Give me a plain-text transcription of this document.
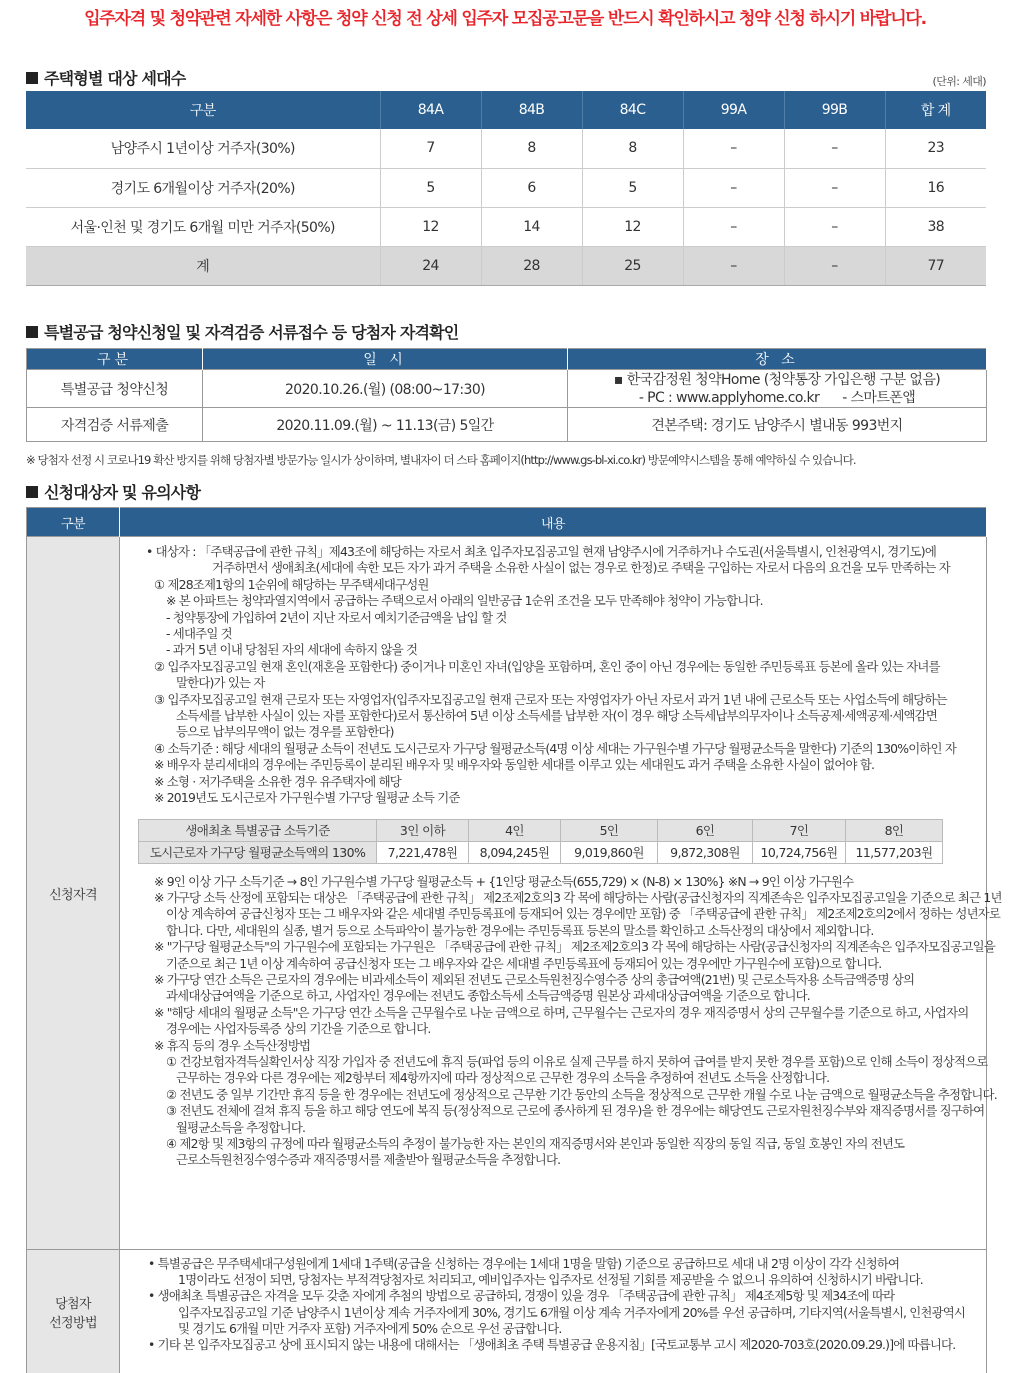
입주자격 및 청약관련 자세한 사항은 청약 신청 전 상세 입주자 모집공고문을 반드시 확인하시고 청약 신청 하시기 바랍니다.
주택형별 대상 세대수	(단위: 세대)
구분	84A	84B	84C	99A	99B	합 계
남양주시 1년이상 거주자(30%)	7	8	8	–	–	23
경기도 6개월이상 거주자(20%)	5	6	5	–	–	16
서울·인천 및 경기도 6개월 미만 거주자(50%)	12	14	12	–	–	38
계	24	28	25	–	–	77
특별공급 청약신청일 및 자격검증 서류접수 등 당첨자 자격확인
구분	일 시	장 소
특별공급 청약신청	2020.10.26.(월) (08:00~17:30)	▪ 한국감정원 청약Home (청약통장 가입은행 구분 없음)
- PC : www.applyhome.co.kr      - 스마트폰앱

자격검증 서류제출	2020.11.09.(월) ~ 11.13(금) 5일간	견본주택: 경기도 남양주시 별내동 993번지
※ 당첨자 선정 시 코로나19 확산 방지를 위해 당첨자별 방문가능 일시가 상이하며, 별내자이 더 스타 홈페이지(http://www.gs-bl-xi.co.kr) 방문예약시스템을 통해 예약하실 수 있습니다.
신청대상자 및 유의사항
구분	내용
신청자격	
• 대상자 : 「주택공급에 관한 규칙」제43조에 해당하는 자로서 최초 입주자모집공고일 현재 남양주시에 거주하거나 수도권(서울특별시, 인천광역시, 경기도)에
거주하면서 생애최초(세대에 속한 모든 자가 과거 주택을 소유한 사실이 없는 경우로 한정)로 주택을 구입하는 자로서 다음의 요건을 모두 만족하는 자
① 제28조제1항의 1순위에 해당하는 무주택세대구성원
※ 본 아파트는 청약과열지역에서 공급하는 주택으로서 아래의 일반공급 1순위 조건을 모두 만족해야 청약이 가능합니다.
- 청약통장에 가입하여 2년이 지난 자로서 예치기준금액을 납입 할 것
- 세대주일 것
- 과거 5년 이내 당첨된 자의 세대에 속하지 않을 것
② 입주자모집공고일 현재 혼인(재혼을 포함한다) 중이거나 미혼인 자녀(입양을 포함하며, 혼인 중이 아닌 경우에는 동일한 주민등록표 등본에 올라 있는 자녀를
말한다)가 있는 자
③ 입주자모집공고일 현재 근로자 또는 자영업자(입주자모집공고일 현재 근로자 또는 자영업자가 아닌 자로서 과거 1년 내에 근로소득 또는 사업소득에 해당하는
소득세를 납부한 사실이 있는 자를 포함한다)로서 통산하여 5년 이상 소득세를 납부한 자(이 경우 해당 소득세납부의무자이나 소득공제·세액공제·세액감면
등으로 납부의무액이 없는 경우를 포함한다)
④ 소득기준 : 해당 세대의 월평균 소득이 전년도 도시근로자 가구당 월평균소득(4명 이상 세대는 가구원수별 가구당 월평균소득을 말한다) 기준의 130%이하인 자
※ 배우자 분리세대의 경우에는 주민등록이 분리된 배우자 및 배우자와 동일한 세대를 이루고 있는 세대원도 과거 주택을 소유한 사실이 없어야 함.
※ 소형 · 저가주택을 소유한 경우 유주택자에 해당
※ 2019년도 도시근로자 가구원수별 가구당 월평균 소득 기준
생애최초 특별공급 소득기준	3인 이하	4인	5인	6인	7인	8인
도시근로자 가구당 월평균소득액의 130%	7,221,478원	8,094,245원	9,019,860원	9,872,308원	10,724,756원	11,577,203원
※ 9인 이상 가구 소득기준 → 8인 가구원수별 가구당 월평균소득 + {1인당 평균소득(655,729) × (N-8) × 130%} ※N → 9인 이상 가구원수
※ 가구당 소득 산정에 포함되는 대상은 「주택공급에 관한 규칙」 제2조제2호의3 각 목에 해당하는 사람(공급신청자의 직계존속은 입주자모집공고일을 기준으로 최근 1년
이상 계속하여 공급신청자 또는 그 배우자와 같은 세대별 주민등록표에 등재되어 있는 경우에만 포함) 중 「주택공급에 관한 규칙」 제2조제2호의2에서 정하는 성년자로
합니다. 다만, 세대원의 실종, 별거 등으로 소득파악이 불가능한 경우에는 주민등록표 등본의 말소를 확인하고 소득산정의 대상에서 제외합니다.
※ "가구당 월평균소득"의 가구원수에 포함되는 가구원은 「주택공급에 관한 규칙」 제2조제2호의3 각 목에 해당하는 사람(공급신청자의 직계존속은 입주자모집공고일을
기준으로 최근 1년 이상 계속하여 공급신청자 또는 그 배우자와 같은 세대별 주민등록표에 등재되어 있는 경우에만 가구원수에 포함)으로 합니다.
※ 가구당 연간 소득은 근로자의 경우에는 비과세소득이 제외된 전년도 근로소득원천징수영수증 상의 총급여액(21번) 및 근로소득자용 소득금액증명 상의
과세대상급여액을 기준으로 하고, 사업자인 경우에는 전년도 종합소득세 소득금액증명 원본상 과세대상급여액을 기준으로 합니다.
※ "해당 세대의 월평균 소득"은 가구당 연간 소득을 근무월수로 나눈 금액으로 하며, 근무월수는 근로자의 경우 재직증명서 상의 근무월수를 기준으로 하고, 사업자의
경우에는 사업자등록증 상의 기간을 기준으로 합니다.
※ 휴직 등의 경우 소득산정방법
① 건강보험자격득실확인서상 직장 가입자 중 전년도에 휴직 등(파업 등의 이유로 실제 근무를 하지 못하여 급여를 받지 못한 경우를 포함)으로 인해 소득이 정상적으로
근무하는 경우와 다른 경우에는 제2항부터 제4항까지에 따라 정상적으로 근무한 경우의 소득을 추정하여 전년도 소득을 산정합니다.
② 전년도 중 일부 기간만 휴직 등을 한 경우에는 전년도에 정상적으로 근무한 기간 동안의 소득을 정상적으로 근무한 개월 수로 나눈 금액으로 월평균소득을 추정합니다.
③ 전년도 전체에 걸쳐 휴직 등을 하고 해당 연도에 복직 등(정상적으로 근로에 종사하게 된 경우)을 한 경우에는 해당연도 근로자원천징수부와 재직증명서를 징구하여
월평균소득을 추정합니다.
④ 제2항 및 제3항의 규정에 따라 월평균소득의 추정이 불가능한 자는 본인의 재직증명서와 본인과 동일한 직장의 동일 직급, 동일 호봉인 자의 전년도
근로소득원천징수영수증과 재직증명서를 제출받아 월평균소득을 추정합니다.

당첨자
선정방법

• 특별공급은 무주택세대구성원에게 1세대 1주택(공급을 신청하는 경우에는 1세대 1명을 말함) 기준으로 공급하므로 세대 내 2명 이상이 각각 신청하여
1명이라도 선정이 되면, 당첨자는 부적격당첨자로 처리되고, 예비입주자는 입주자로 선정될 기회를 제공받을 수 없으니 유의하여 신청하시기 바랍니다.
• 생애최초 특별공급은 자격을 모두 갖춘 자에게 추첨의 방법으로 공급하되, 경쟁이 있을 경우 「주택공급에 관한 규칙」 제4조제5항 및 제34조에 따라
입주자모집공고일 기준 남양주시 1년이상 계속 거주자에게 30%, 경기도 6개월 이상 계속 거주자에게 20%를 우선 공급하며, 기타지역(서울특별시, 인천광역시
및 경기도 6개월 미만 거주자 포함) 거주자에게 50% 순으로 우선 공급합니다.
• 기타 본 입주자모집공고 상에 표시되지 않는 내용에 대해서는 「생애최초 주택 특별공급 운용지침」[국토교통부 고시 제2020-703호(2020.09.29.)]에 따릅니다.
